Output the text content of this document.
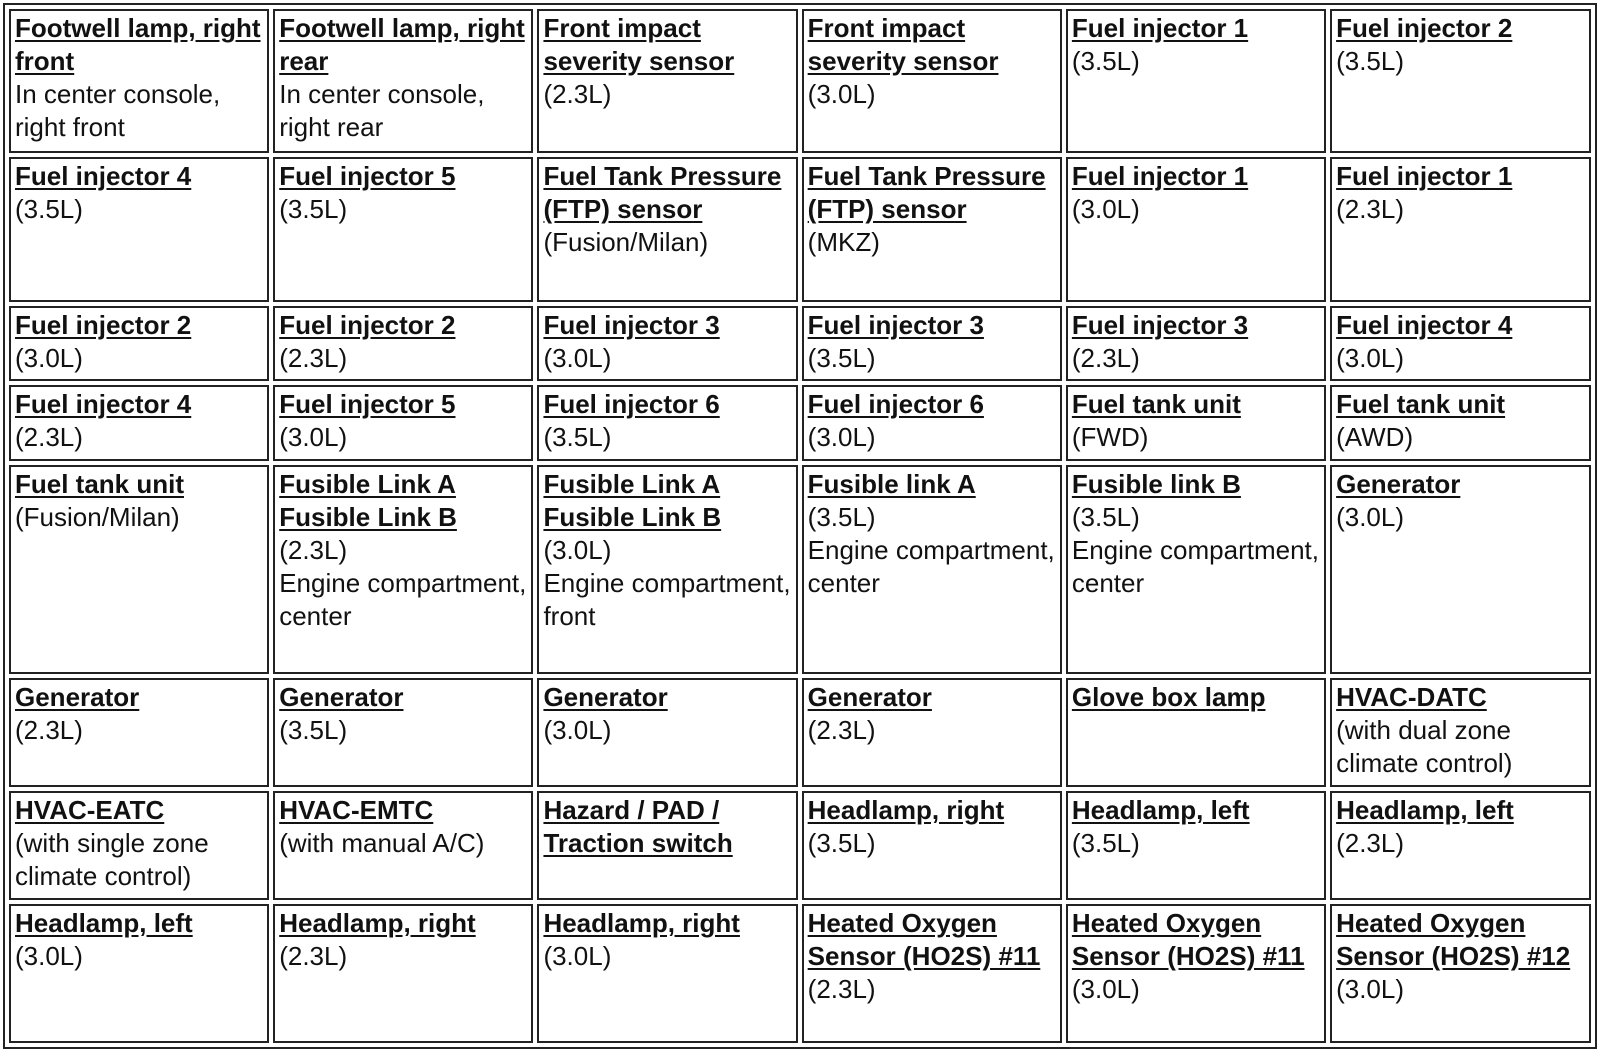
Footwell lamp, right front
In center console, right front	Footwell lamp, right rear
In center console, right rear	Front impact severity sensor
(2.3L)	Front impact severity sensor
(3.0L)	Fuel injector 1
(3.5L)	Fuel injector 2
(3.5L)

Fuel injector 4
(3.5L)	Fuel injector 5
(3.5L)	Fuel Tank Pressure (FTP) sensor
(Fusion/Milan)	Fuel Tank Pressure (FTP) sensor
(MKZ)	Fuel injector 1
(3.0L)	Fuel injector 1
(2.3L)

Fuel injector 2
(3.0L)	Fuel injector 2
(2.3L)	Fuel injector 3
(3.0L)	Fuel injector 3
(3.5L)	Fuel injector 3
(2.3L)	Fuel injector 4
(3.0L)

Fuel injector 4
(2.3L)	Fuel injector 5
(3.0L)	Fuel injector 6
(3.5L)	Fuel injector 6
(3.0L)	Fuel tank unit
(FWD)	Fuel tank unit
(AWD)

Fuel tank unit
(Fusion/Milan)	Fusible Link A
Fusible Link B
(2.3L)
Engine compartment, center	Fusible Link A
Fusible Link B
(3.0L)
Engine compartment, front	Fusible link A
(3.5L)
Engine compartment, center	Fusible link B
(3.5L)
Engine compartment, center	Generator
(3.0L)

Generator
(2.3L)	Generator
(3.5L)	Generator
(3.0L)	Generator
(2.3L)	Glove box lamp	HVAC-DATC
(with dual zone climate control)

HVAC-EATC
(with single zone climate control)	HVAC-EMTC
(with manual A/C)	Hazard / PAD / Traction switch	Headlamp, right
(3.5L)	Headlamp, left
(3.5L)	Headlamp, left
(2.3L)

Headlamp, left
(3.0L)	Headlamp, right
(2.3L)	Headlamp, right
(3.0L)	Heated Oxygen Sensor (HO2S) #11
(2.3L)	Heated Oxygen Sensor (HO2S) #11
(3.0L)	Heated Oxygen Sensor (HO2S) #12
(3.0L)
